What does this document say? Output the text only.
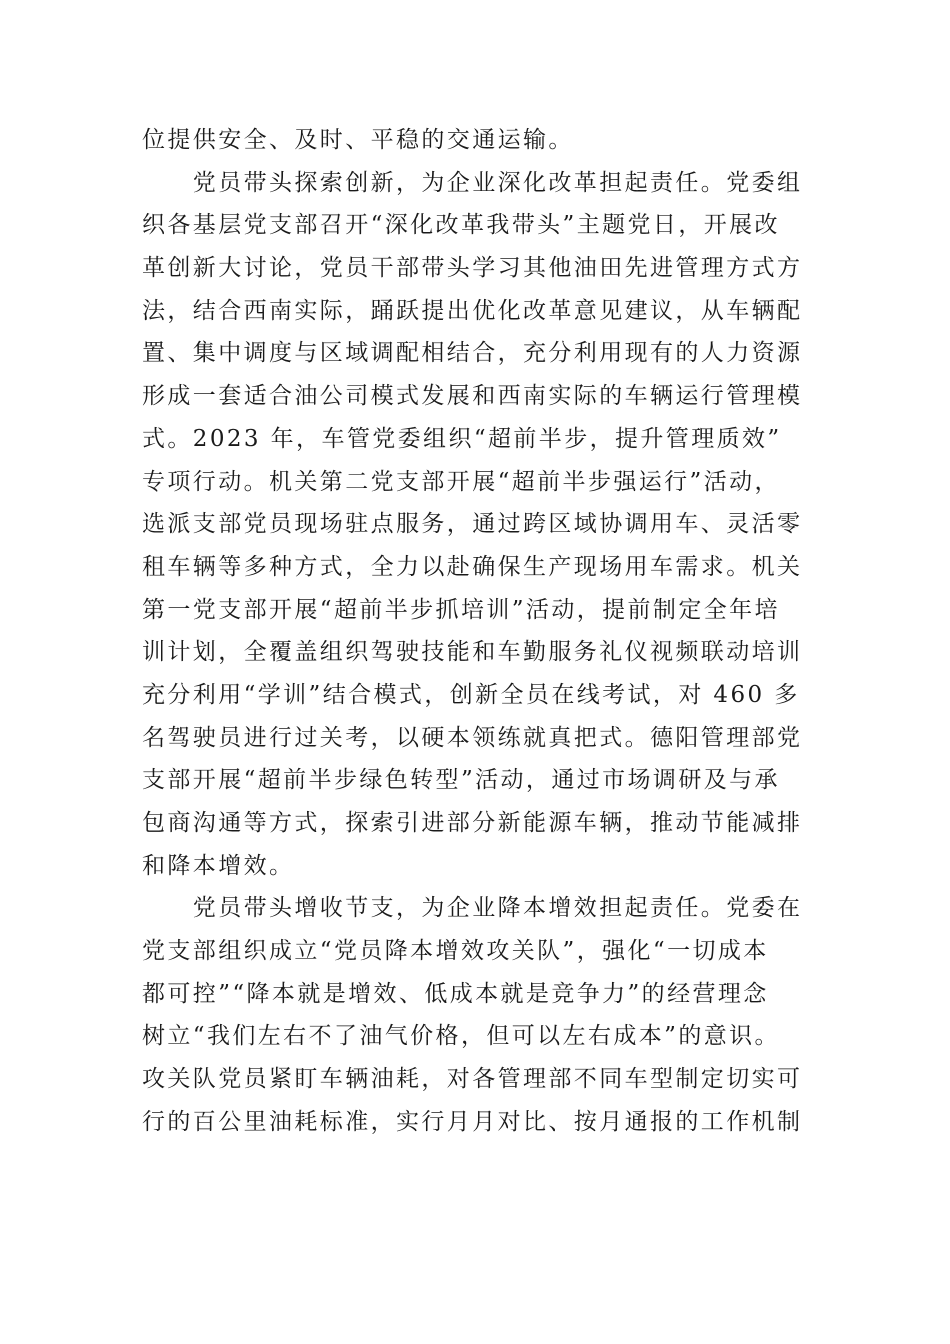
位提供安全、及时、平稳的交通运输。
　　党员带头探索创新，为企业深化改革担起责任。党委组
织各基层党支部召开“深化改革我带头”主题党日，开展改
革创新大讨论，党员干部带头学习其他油田先进管理方式方
法，结合西南实际，踊跃提出优化改革意见建议，从车辆配
置、集中调度与区域调配相结合，充分利用现有的人力资源
形成一套适合油公司模式发展和西南实际的车辆运行管理模
式。2023 年，车管党委组织“超前半步，提升管理质效”
专项行动。机关第二党支部开展“超前半步强运行”活动，
选派支部党员现场驻点服务，通过跨区域协调用车、灵活零
租车辆等多种方式，全力以赴确保生产现场用车需求。机关
第一党支部开展“超前半步抓培训”活动，提前制定全年培
训计划，全覆盖组织驾驶技能和车勤服务礼仪视频联动培训
充分利用“学训”结合模式，创新全员在线考试，对 460 多
名驾驶员进行过关考，以硬本领练就真把式。德阳管理部党
支部开展“超前半步绿色转型”活动，通过市场调研及与承
包商沟通等方式，探索引进部分新能源车辆，推动节能减排
和降本增效。
　　党员带头增收节支，为企业降本增效担起责任。党委在
党支部组织成立“党员降本增效攻关队”，强化“一切成本
都可控”“降本就是增效、低成本就是竞争力”的经营理念
树立“我们左右不了油气价格，但可以左右成本”的意识。
攻关队党员紧盯车辆油耗，对各管理部不同车型制定切实可
行的百公里油耗标准，实行月月对比、按月通报的工作机制
